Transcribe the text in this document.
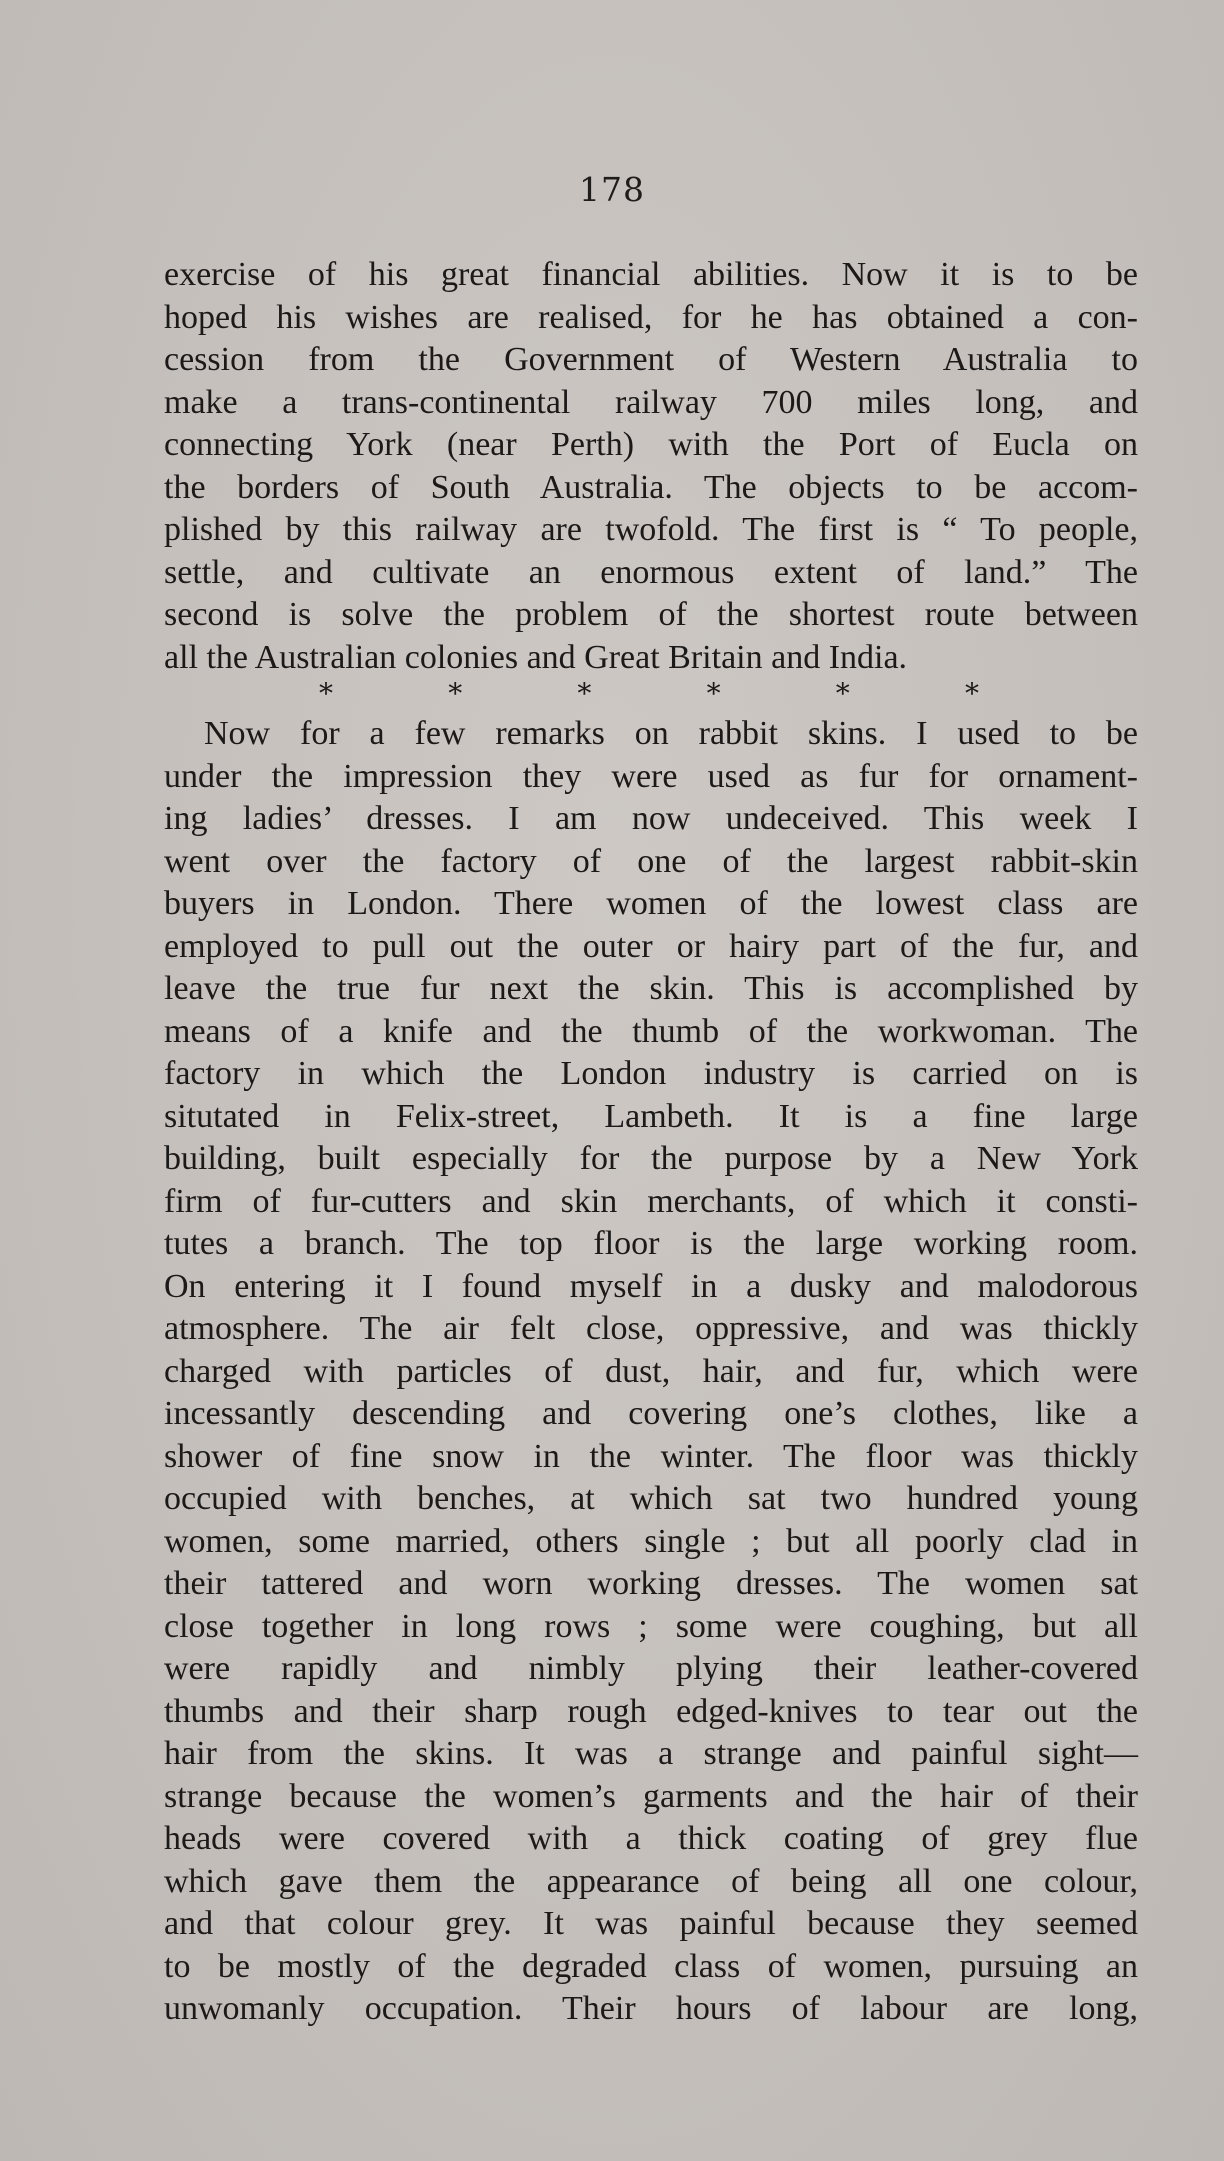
178
exercise of his great financial abilities. Now it is to be
hoped his wishes are realised, for he has obtained a con-
cession from the Government of Western Australia to
make a trans-continental railway 700 miles long, and
connecting York (near Perth) with the Port of Eucla on
the borders of South Australia. The objects to be accom-
plished by this railway are twofold. The first is “ To people,
settle, and cultivate an enormous extent of land.” The
second is solve the problem of the shortest route between
all the Australian colonies and Great Britain and India.
*	*	*	*	*	*
Now for a few remarks on rabbit skins. I used to be
under the impression they were used as fur for ornament-
ing ladies’ dresses. I am now undeceived. This week I
went over the factory of one of the largest rabbit-skin
buyers in London. There women of the lowest class are
employed to pull out the outer or hairy part of the fur, and
leave the true fur next the skin. This is accomplished by
means of a knife and the thumb of the workwoman. The
factory in which the London industry is carried on is
situtated in Felix-street, Lambeth. It is a fine large
building, built especially for the purpose by a New York
firm of fur-cutters and skin merchants, of which it consti-
tutes a branch. The top floor is the large working room.
On entering it I found myself in a dusky and malodorous
atmosphere. The air felt close, oppressive, and was thickly
charged with particles of dust, hair, and fur, which were
incessantly descending and covering one’s clothes, like a
shower of fine snow in the winter. The floor was thickly
occupied with benches, at which sat two hundred young
women, some married, others single ; but all poorly clad in
their tattered and worn working dresses. The women sat
close together in long rows ; some were coughing, but all
were rapidly and nimbly plying their leather-covered
thumbs and their sharp rough edged-knives to tear out the
hair from the skins. It was a strange and painful sight—
strange because the women’s garments and the hair of their
heads were covered with a thick coating of grey flue
which gave them the appearance of being all one colour,
and that colour grey. It was painful because they seemed
to be mostly of the degraded class of women, pursuing an
unwomanly occupation. Their hours of labour are long,
